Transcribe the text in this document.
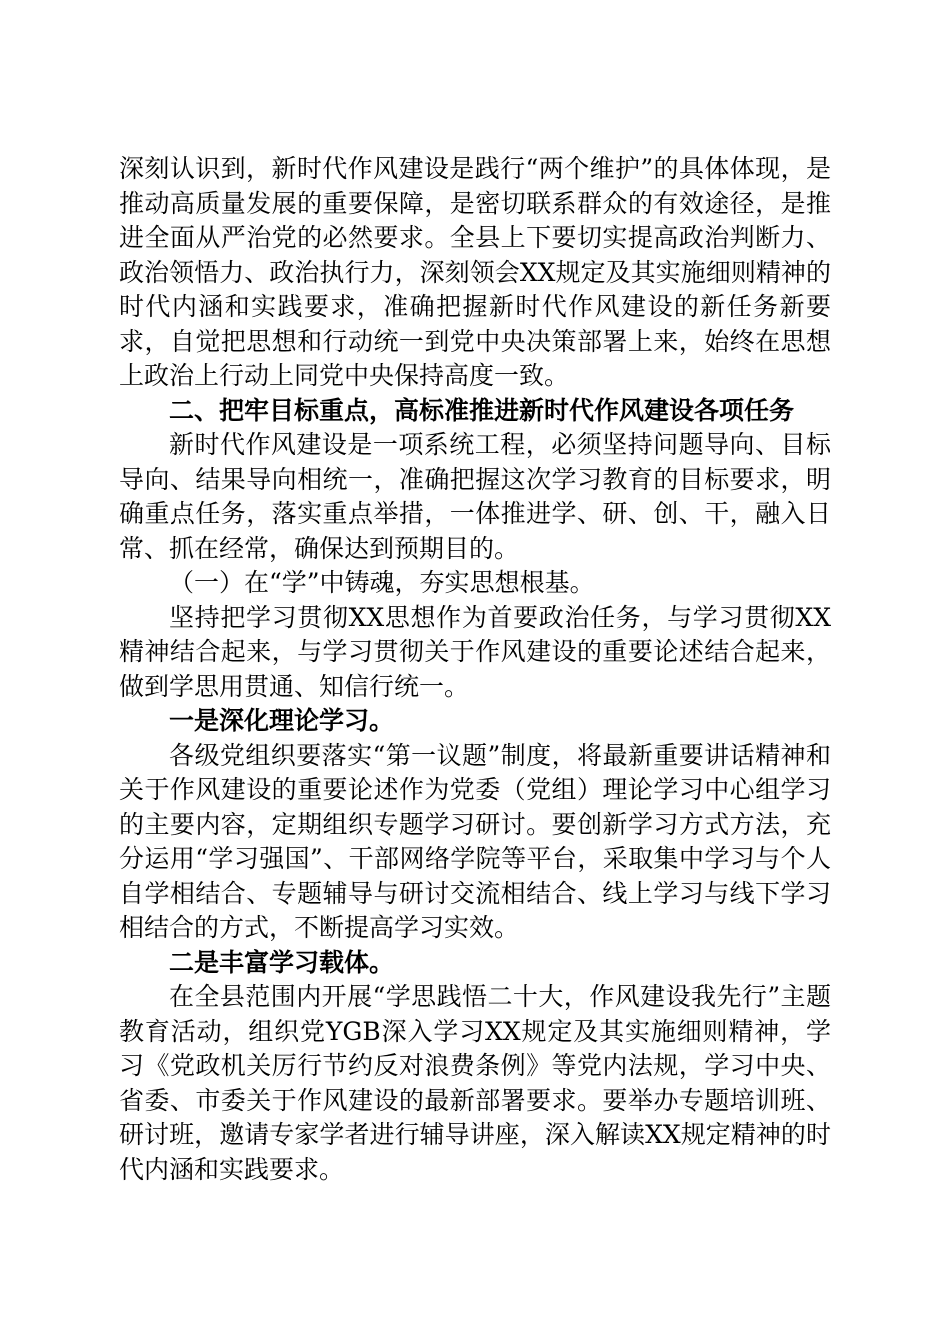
深刻认识到，新时代作风建设是践行“两个维护”的具体体现，是推动高质量发展的重要保障，是密切联系群众的有效途径，是推进全面从严治党的必然要求。全县上下要切实提高政治判断力、政治领悟力、政治执行力，深刻领会XX规定及其实施细则精神的时代内涵和实践要求，准确把握新时代作风建设的新任务新要求，自觉把思想和行动统一到党中央决策部署上来，始终在思想上政治上行动上同党中央保持高度一致。

二、把牢目标重点，高标准推进新时代作风建设各项任务

新时代作风建设是一项系统工程，必须坚持问题导向、目标导向、结果导向相统一，准确把握这次学习教育的目标要求，明确重点任务，落实重点举措，一体推进学、研、创、干，融入日常、抓在经常，确保达到预期目的。

（一）在“学”中铸魂，夯实思想根基。

坚持把学习贯彻XX思想作为首要政治任务，与学习贯彻XX精神结合起来，与学习贯彻关于作风建设的重要论述结合起来，做到学思用贯通、知信行统一。

一是深化理论学习。

各级党组织要落实“第一议题”制度，将最新重要讲话精神和关于作风建设的重要论述作为党委（党组）理论学习中心组学习的主要内容，定期组织专题学习研讨。要创新学习方式方法，充分运用“学习强国”、干部网络学院等平台，采取集中学习与个人自学相结合、专题辅导与研讨交流相结合、线上学习与线下学习相结合的方式，不断提高学习实效。

二是丰富学习载体。

在全县范围内开展“学思践悟二十大，作风建设我先行”主题教育活动，组织党YGB深入学习XX规定及其实施细则精神，学习《党政机关厉行节约反对浪费条例》等党内法规，学习中央、省委、市委关于作风建设的最新部署要求。要举办专题培训班、研讨班，邀请专家学者进行辅导讲座，深入解读XX规定精神的时代内涵和实践要求。
